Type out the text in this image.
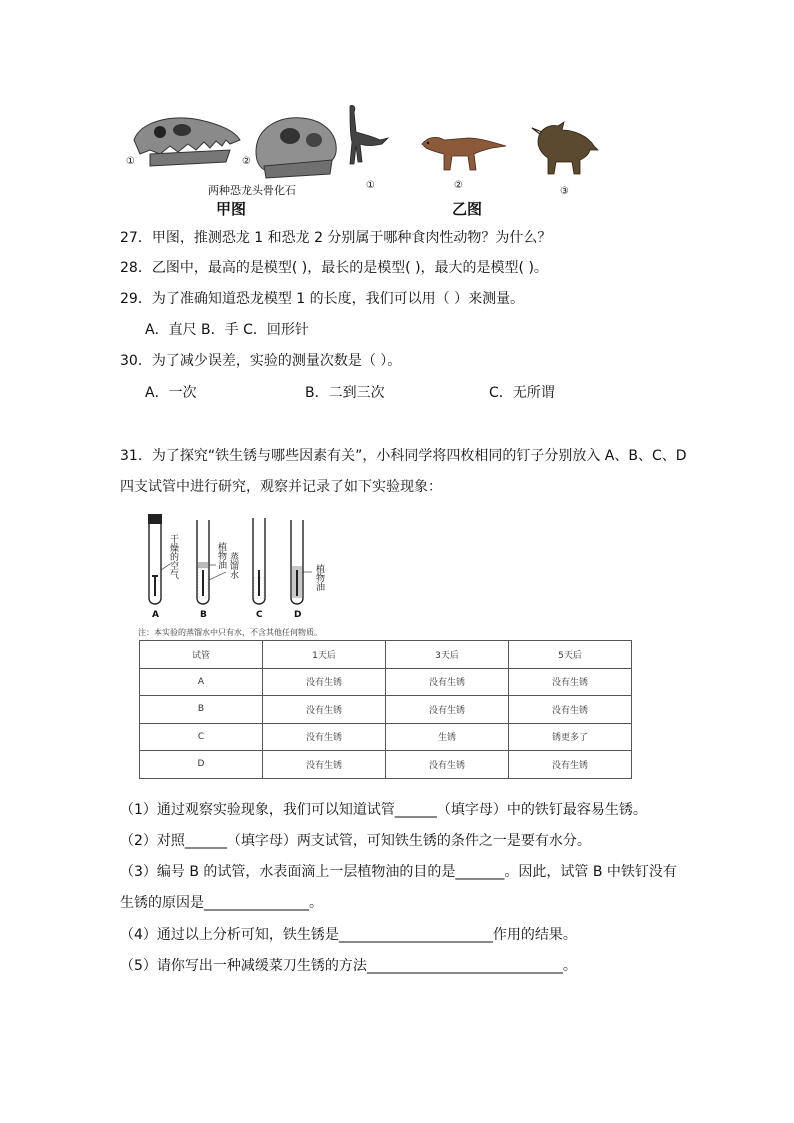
①	②
两种恐龙头骨化石	①	②
③
甲图	乙图
27．甲图，推测恐龙 1 和恐龙 2 分别属于哪种食肉性动物？为什么？
28．乙图中，最高的是模型( )，最长的是模型( )，最大的是模型( )。
29．为了准确知道恐龙模型 1 的长度，我们可以用（ ）来测量。
A．直尺 B．手 C．回形针
30．为了减少误差，实验的测量次数是（ ）。
A．一次	B．二到三次	C．无所谓
31．为了探究“铁生锈与哪些因素有关”，小科同学将四枚相同的钉子分别放入 A、B、C、D
四支试管中进行研究，观察并记录了如下实验现象：
干燥的空气	植物油 蒸馏水	植物油
A	B	C	D
注：本实验的蒸馏水中只有水，不含其他任何物质。
试管	1天后	3天后	5天后
A	没有生锈	没有生锈	没有生锈
B	没有生锈	没有生锈	没有生锈
C	没有生锈	生锈	锈更多了
D	没有生锈	没有生锈	没有生锈
（1）通过观察实验现象，我们可以知道试管______（填字母）中的铁钉最容易生锈。
（2）对照______（填字母）两支试管，可知铁生锈的条件之一是要有水分。
（3）编号 B 的试管，水表面滴上一层植物油的目的是_______。因此，试管 B 中铁钉没有
生锈的原因是_______________。
（4）通过以上分析可知，铁生锈是______________________作用的结果。
（5）请你写出一种减缓菜刀生锈的方法____________________________。
